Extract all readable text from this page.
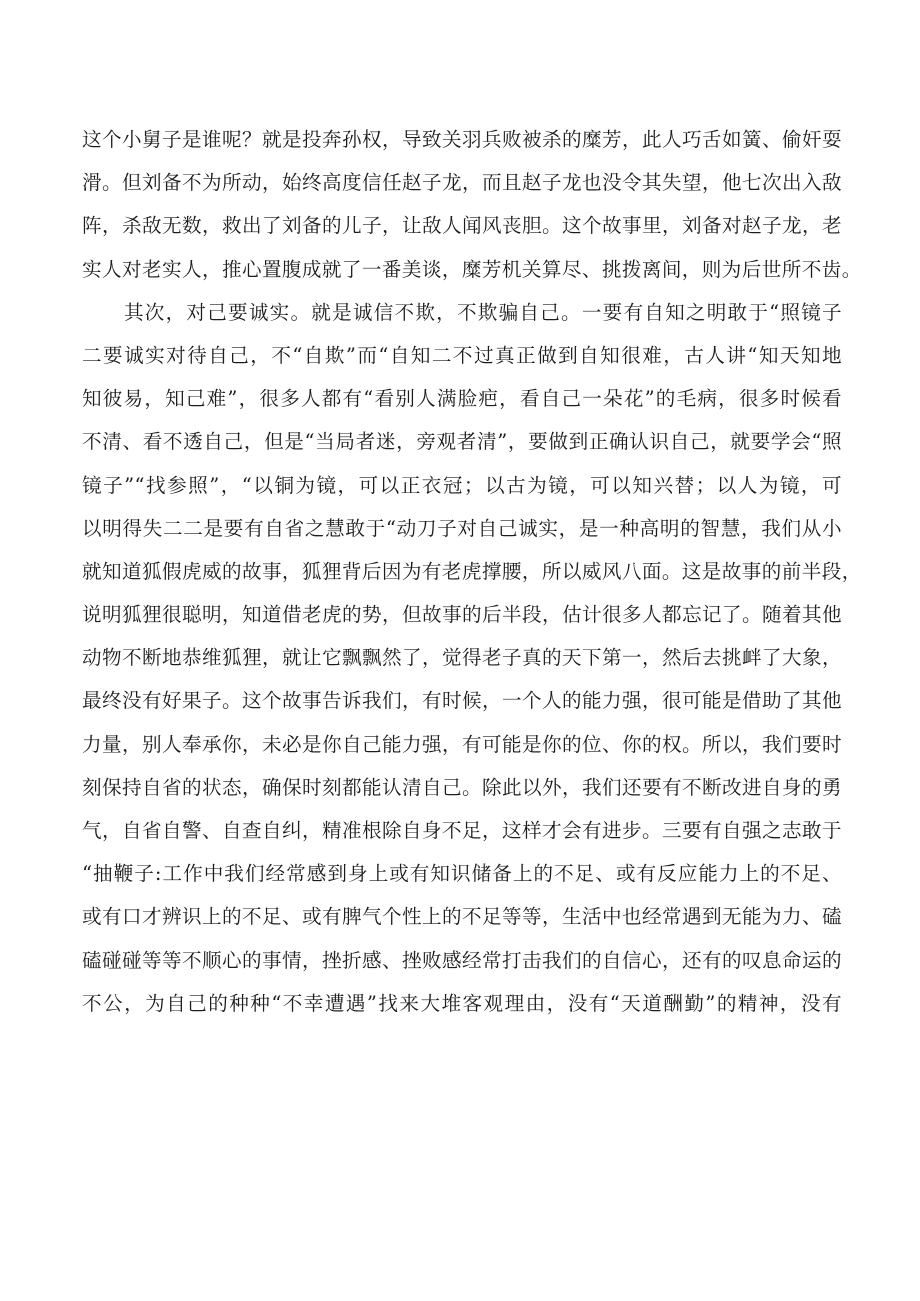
这个小舅子是谁呢？就是投奔孙权，导致关羽兵败被杀的糜芳，此人巧舌如簧、偷奸耍
滑。但刘备不为所动，始终高度信任赵子龙，而且赵子龙也没令其失望，他七次出入敌
阵，杀敌无数，救出了刘备的儿子，让敌人闻风丧胆。这个故事里，刘备对赵子龙，老
实人对老实人，推心置腹成就了一番美谈，糜芳机关算尽、挑拨离间，则为后世所不齿。
其次，对己要诚实。就是诚信不欺，不欺骗自己。一要有自知之明敢于“照镜子
二要诚实对待自己，不“自欺”而“自知二不过真正做到自知很难，古人讲“知天知地
知彼易，知己难”，很多人都有“看别人满脸疤，看自己一朵花”的毛病，很多时候看
不清、看不透自己，但是“当局者迷，旁观者清”，要做到正确认识自己，就要学会“照
镜子”“找参照”，“以铜为镜，可以正衣冠；以古为镜，可以知兴替；以人为镜，可
以明得失二二是要有自省之慧敢于“动刀子对自己诚实，是一种高明的智慧，我们从小
就知道狐假虎威的故事，狐狸背后因为有老虎撑腰，所以威风八面。这是故事的前半段，
说明狐狸很聪明，知道借老虎的势，但故事的后半段，估计很多人都忘记了。随着其他
动物不断地恭维狐狸，就让它飘飘然了，觉得老子真的天下第一，然后去挑衅了大象，
最终没有好果子。这个故事告诉我们，有时候，一个人的能力强，很可能是借助了其他
力量，别人奉承你，未必是你自己能力强，有可能是你的位、你的权。所以，我们要时
刻保持自省的状态，确保时刻都能认清自己。除此以外，我们还要有不断改进自身的勇
气，自省自警、自查自纠，精准根除自身不足，这样才会有进步。三要有自强之志敢于
“抽鞭子:工作中我们经常感到身上或有知识储备上的不足、或有反应能力上的不足、
或有口才辨识上的不足、或有脾气个性上的不足等等，生活中也经常遇到无能为力、磕
磕碰碰等等不顺心的事情，挫折感、挫败感经常打击我们的自信心，还有的叹息命运的
不公，为自己的种种“不幸遭遇”找来大堆客观理由，没有“天道酬勤”的精神，没有
